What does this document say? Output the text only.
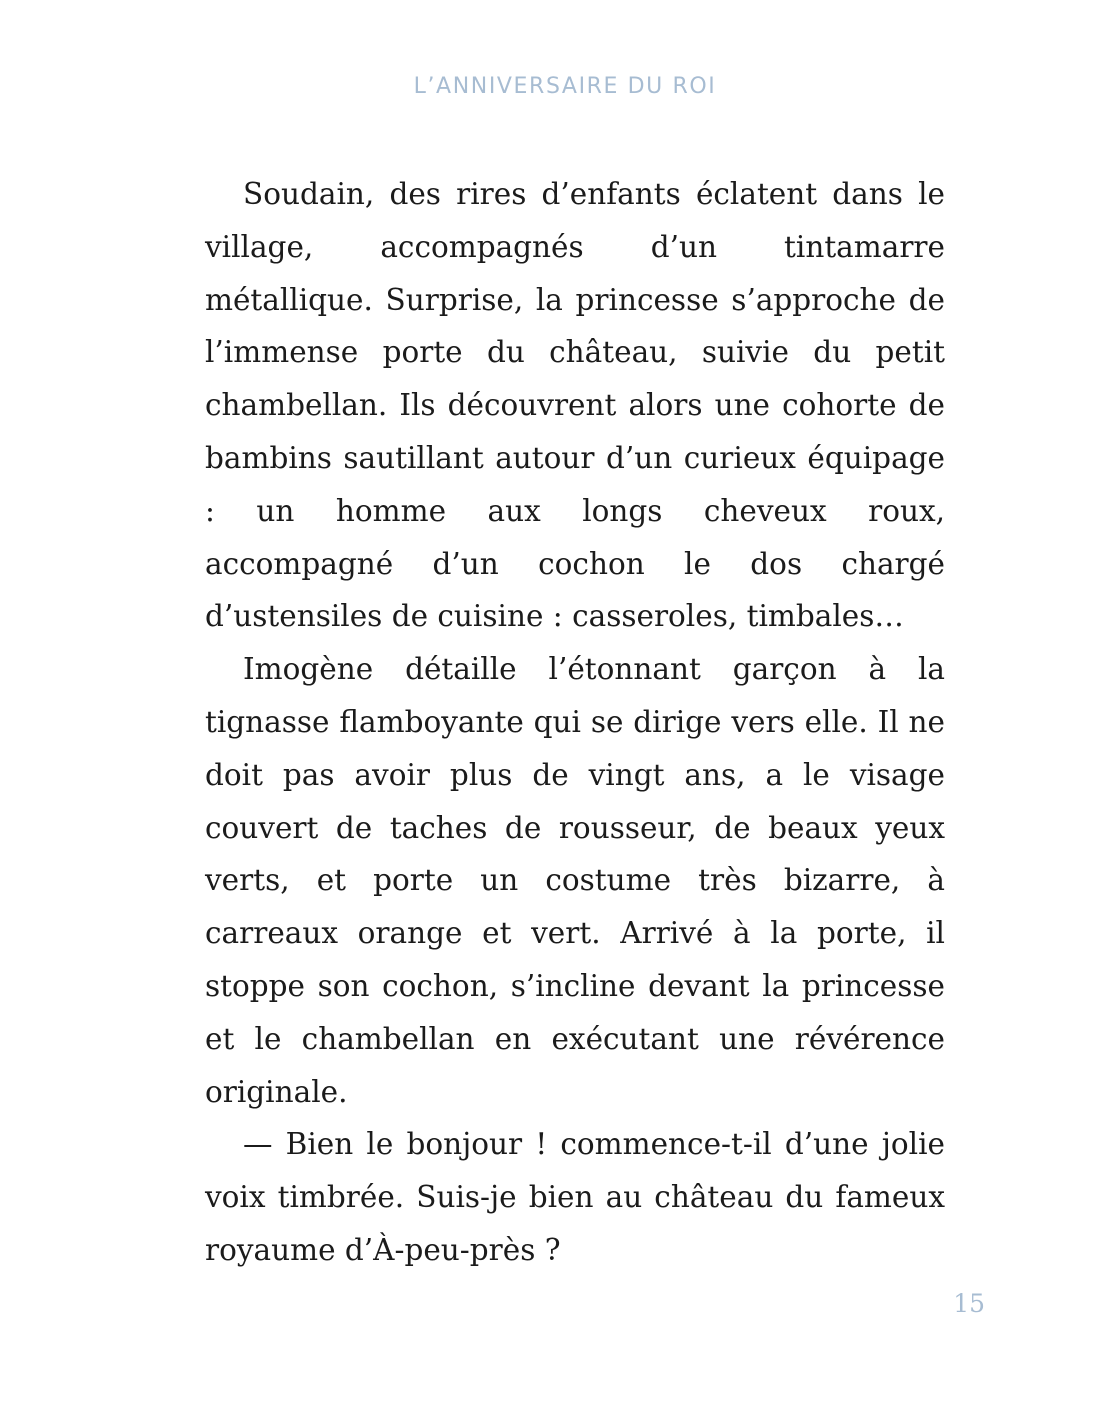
L’ANNIVERSAIRE DU ROI

Soudain, des rires d’enfants éclatent dans le village, accompagnés d’un tintamarre métallique. Surprise, la princesse s’approche de l’immense porte du château, suivie du petit chambellan. Ils découvrent alors une cohorte de bambins sautillant autour d’un curieux équipage : un homme aux longs cheveux roux, accompagné d’un cochon le dos chargé d’ustensiles de cuisine : casseroles, timbales…

Imogène détaille l’étonnant garçon à la tignasse flamboyante qui se dirige vers elle. Il ne doit pas avoir plus de vingt ans, a le visage couvert de taches de rousseur, de beaux yeux verts, et porte un costume très bizarre, à carreaux orange et vert. Arrivé à la porte, il stoppe son cochon, s’incline devant la princesse et le chambellan en exécutant une révérence originale.

— Bien le bonjour ! commence-t-il d’une jolie voix timbrée. Suis-je bien au château du fameux royaume d’À-peu-près ?

15
